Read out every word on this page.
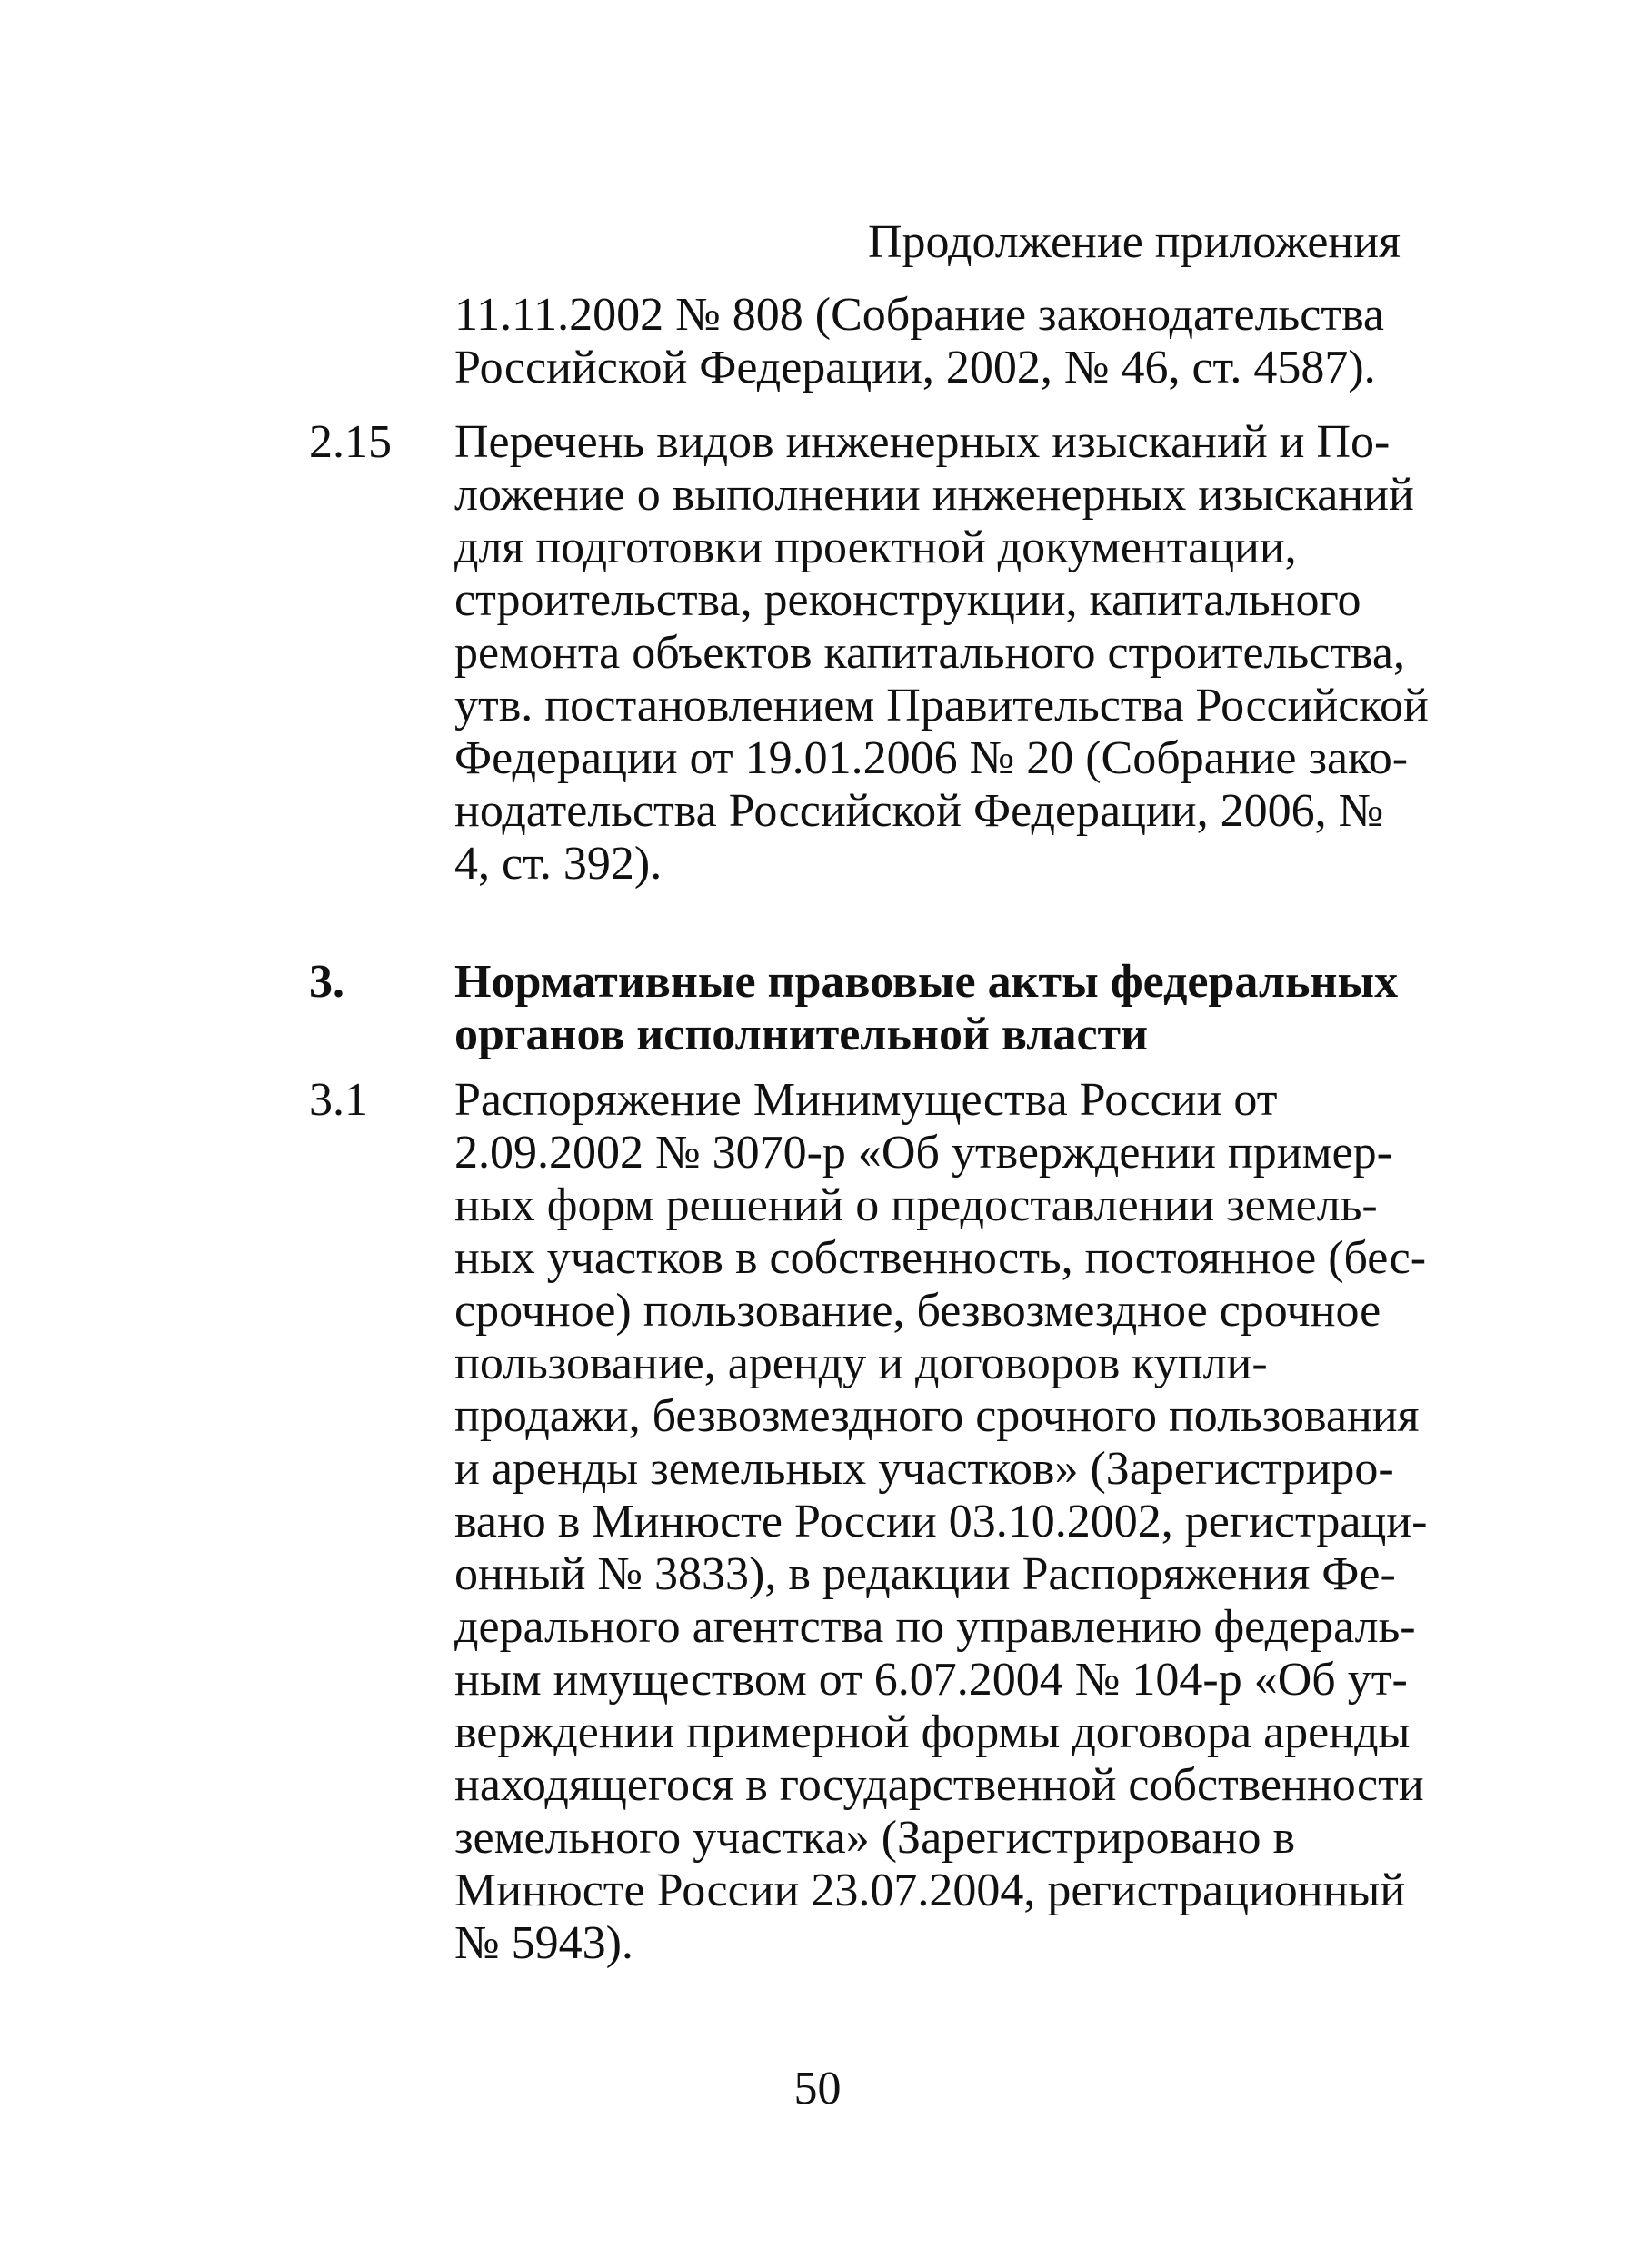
Продолжение приложения
11.11.2002 № 808 (Собрание законодательства
Российской Федерации, 2002, № 46, ст. 4587).
2.15 Перечень видов инженерных изысканий и По-
ложение о выполнении инженерных изысканий
для подготовки проектной документации,
строительства, реконструкции, капитального
ремонта объектов капитального строительства,
утв. постановлением Правительства Российской
Федерации от 19.01.2006 № 20 (Собрание зако-
нодательства Российской Федерации, 2006, №
4, ст. 392).
3. Нормативные правовые акты федеральных
органов исполнительной власти
3.1 Распоряжение Минимущества России от
2.09.2002 № 3070-р «Об утверждении пример-
ных форм решений о предоставлении земель-
ных участков в собственность, постоянное (бес-
срочное) пользование, безвозмездное срочное
пользование, аренду и договоров купли-
продажи, безвозмездного срочного пользования
и аренды земельных участков» (Зарегистриро-
вано в Минюсте России 03.10.2002, регистраци-
онный № 3833), в редакции Распоряжения Фе-
дерального агентства по управлению федераль-
ным имуществом от 6.07.2004 № 104-р «Об ут-
верждении примерной формы договора аренды
находящегося в государственной собственности
земельного участка» (Зарегистрировано в
Минюсте России 23.07.2004, регистрационный
№ 5943).
50
